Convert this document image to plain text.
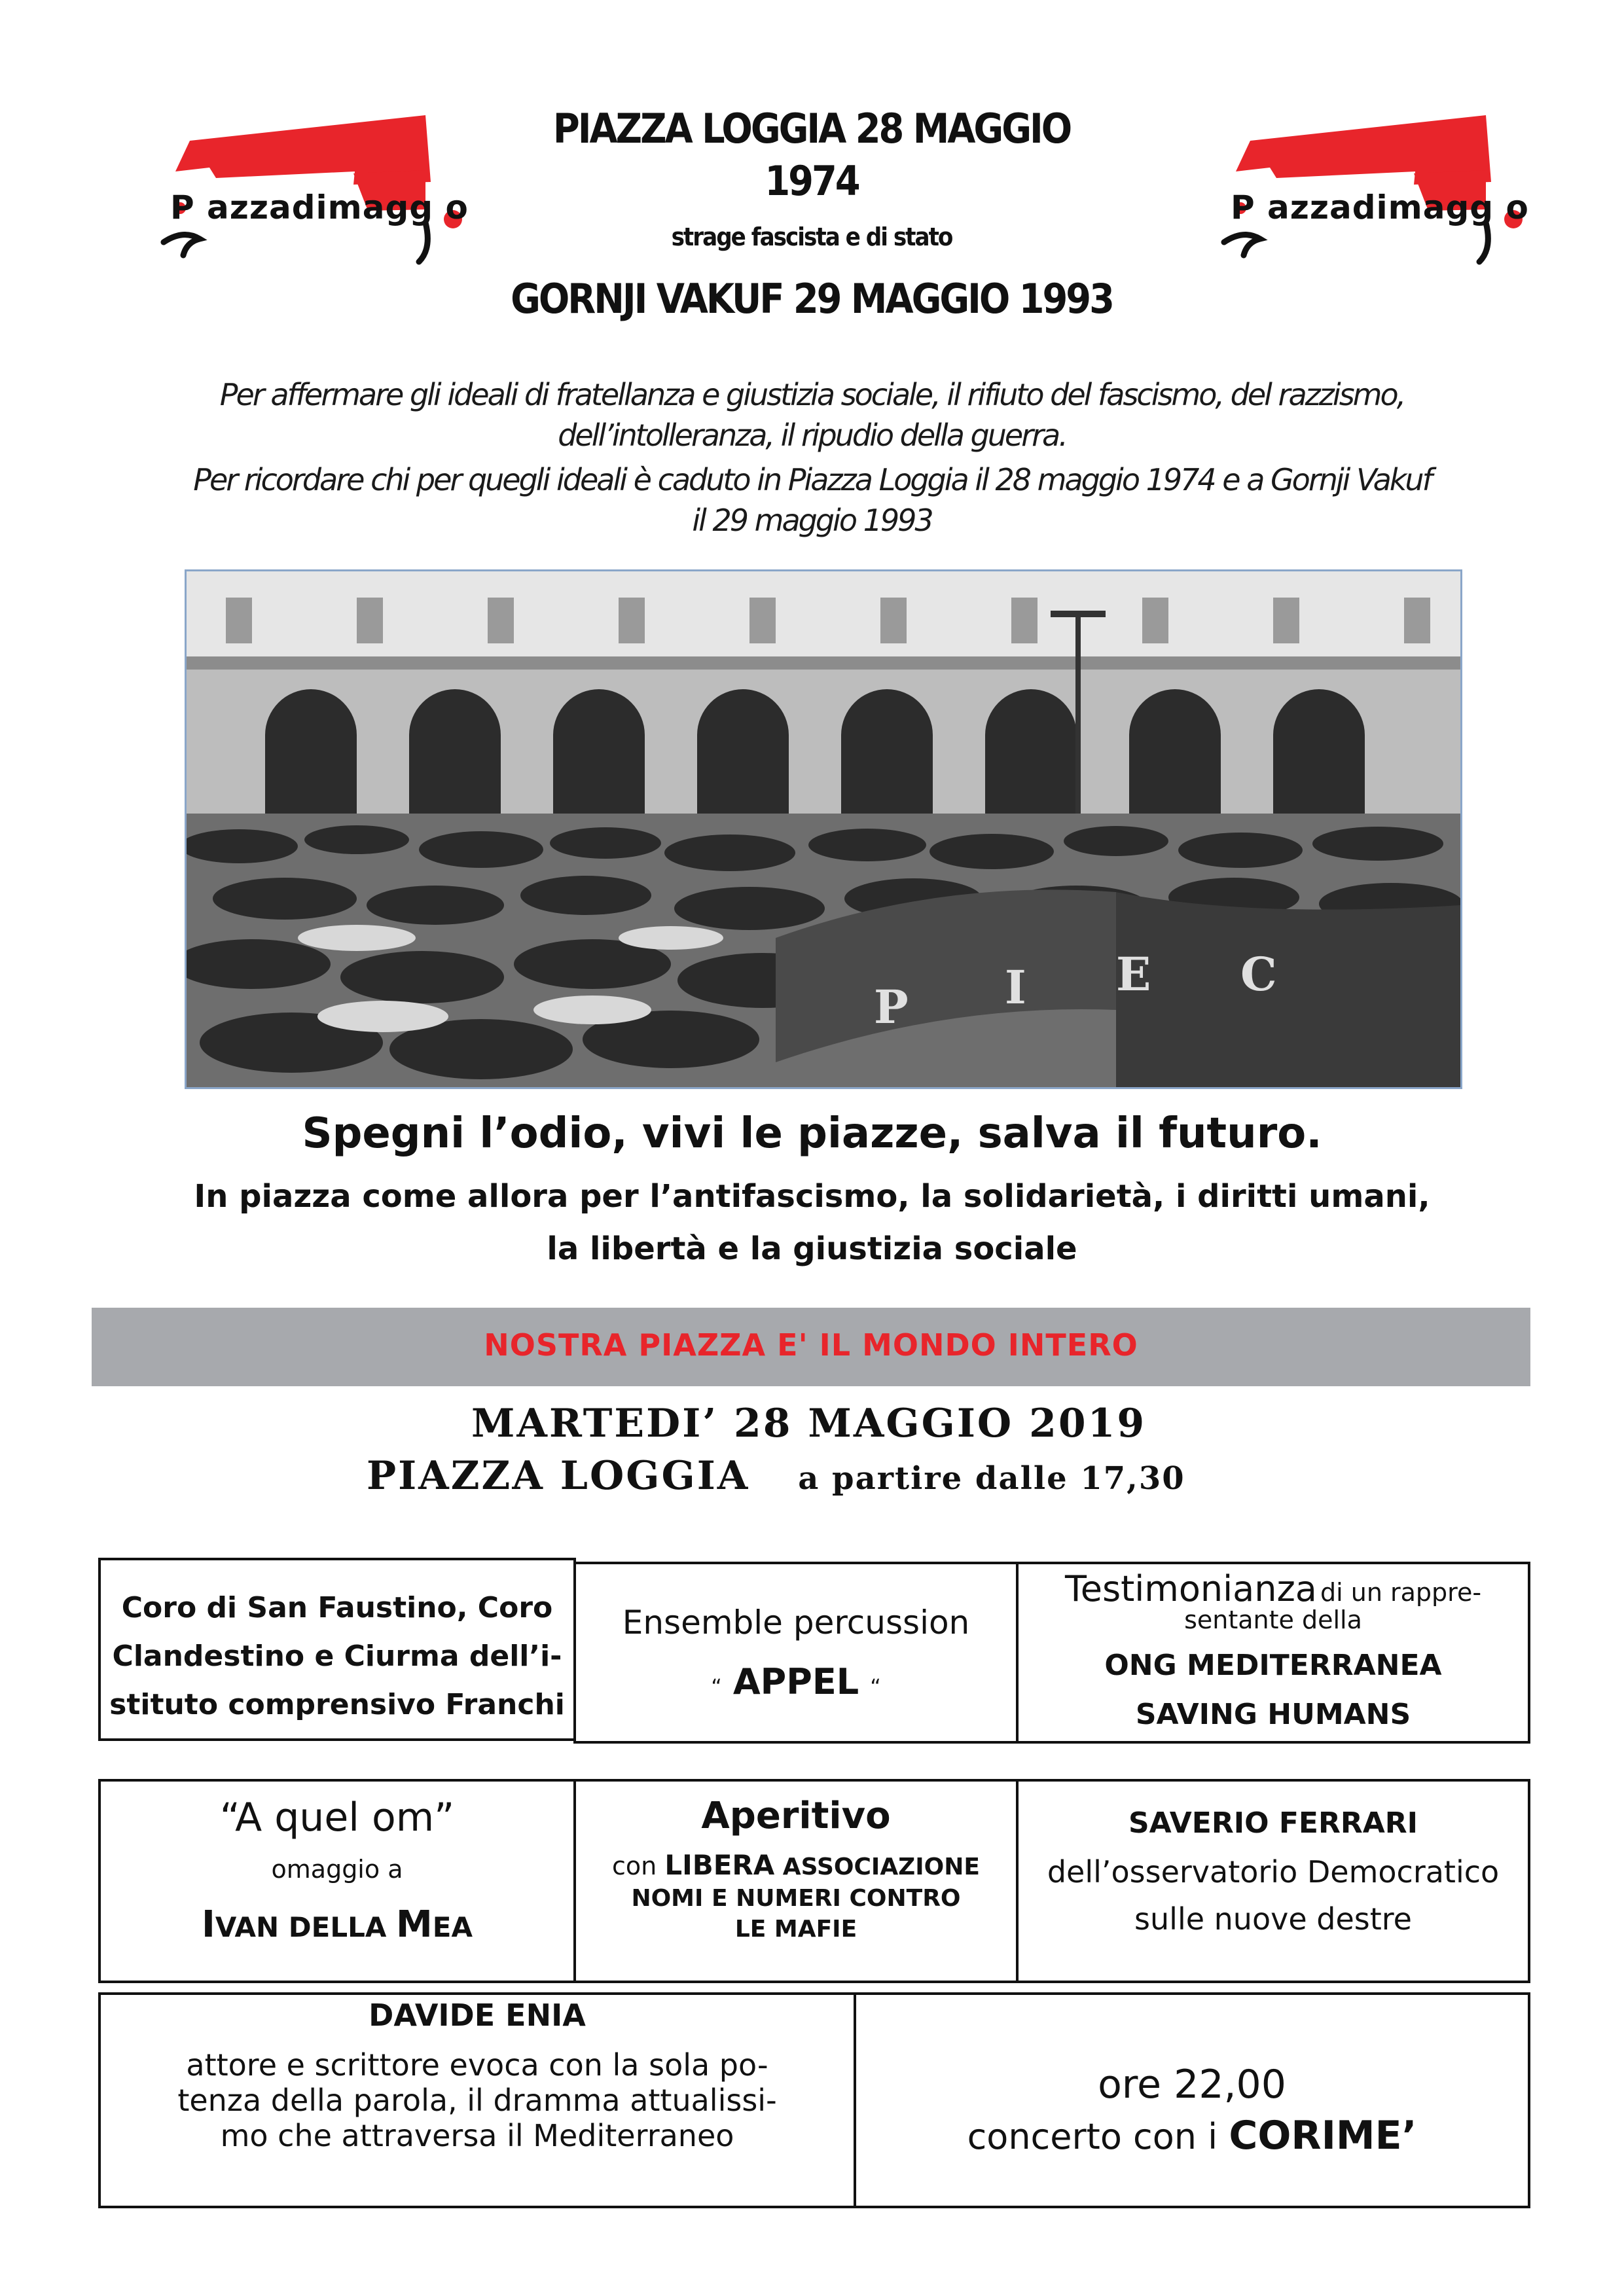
P azzadimagg o	P azzadimagg o
PIAZZA LOGGIA 28 MAGGIO
1974
strage fascista e di stato
GORNJI VAKUF 29 MAGGIO 1993
Per affermare gli ideali di fratellanza e giustizia sociale, il rifiuto del fascismo, del razzismo,
dell’intolleranza, il ripudio della guerra.
Per ricordare chi per quegli ideali è caduto in Piazza Loggia il 28 maggio 1974 e a Gornji Vakuf
il 29 maggio 1993
P I E C
Spegni l’odio, vivi le piazze, salva il futuro.
In piazza come allora per l’antifascismo, la solidarietà, i diritti umani,
la libertà e la giustizia sociale
NOSTRA PIAZZA E' IL MONDO INTERO
MARTEDI’ 28 MAGGIO 2019
PIAZZA LOGGIA a partire dalle 17,30
Coro di San Faustino, Coro
Clandestino e Ciurma dell’i-
stituto comprensivo Franchi
Ensemble percussion
“ APPEL “
Testimonianza di un rappre-
sentante della
ONG MEDITERRANEA
SAVING HUMANS
“A quel om”
omaggio a
IVAN DELLA MEA
Aperitivo
con LIBERA ASSOCIAZIONE
NOMI E NUMERI CONTRO
LE MAFIE
SAVERIO FERRARI
dell’osservatorio Democratico
sulle nuove destre
DAVIDE ENIA
attore e scrittore evoca con la sola po-
tenza della parola, il dramma attualissi-
mo che attraversa il Mediterraneo
ore 22,00
concerto con i CORIME’
